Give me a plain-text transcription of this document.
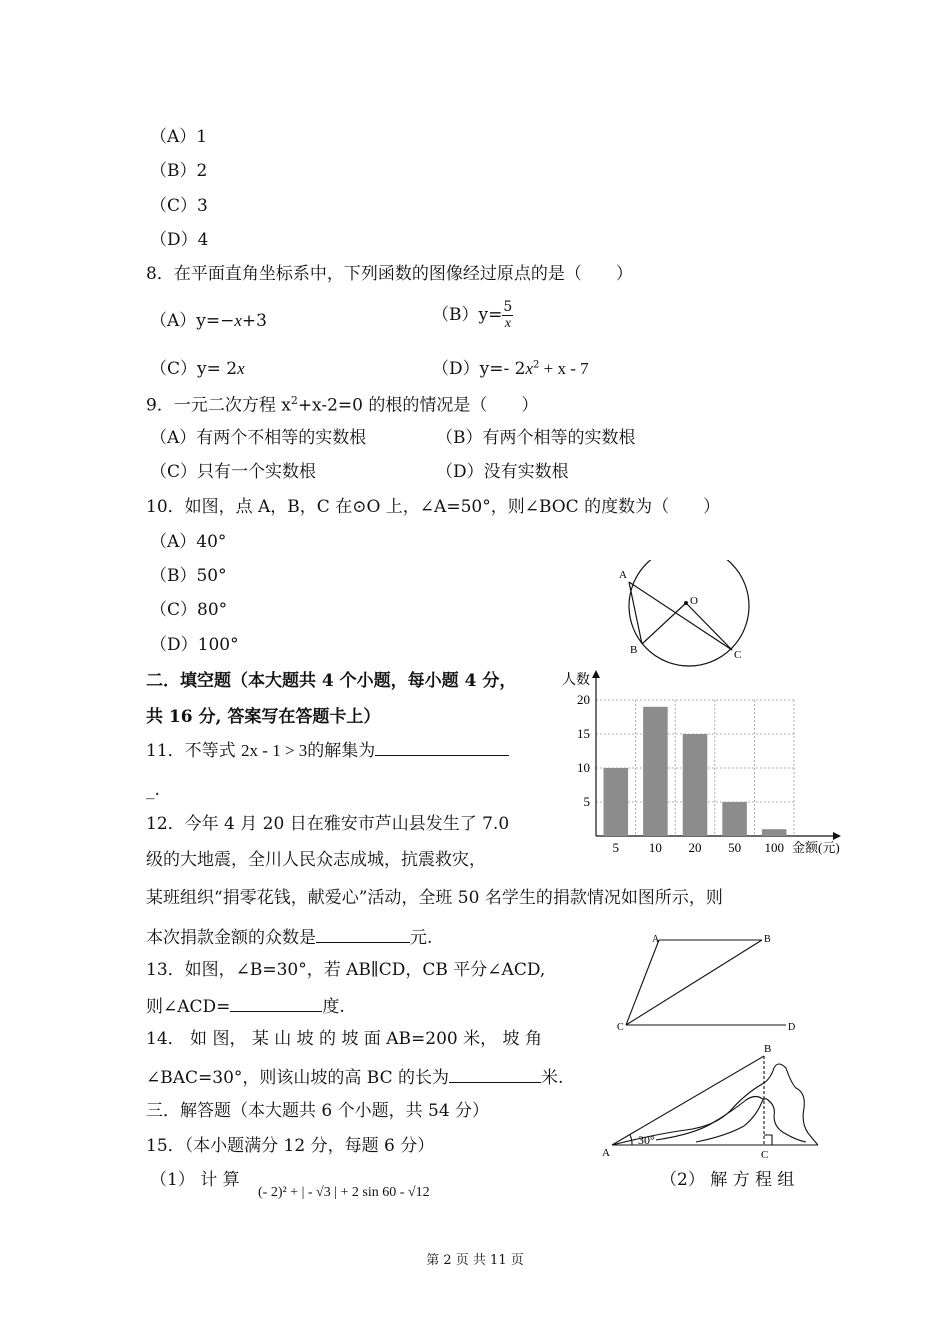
（A）1
（B）2
（C）3
（D）4
8．在平面直角坐标系中，下列函数的图像经过原点的是（　　）
（A）y=−x+3	$(B)y= \frac{5}{x}$
（C）y= 2x	（D）y=- $2x^2 + x - 7$
9．一元二次方程 $x^2+x-2=0$ 的根的情况是（　　）
（A）有两个不相等的实数根	（B）有两个相等的实数根
（C）只有一个实数根	（D）没有实数根
10．如图，点 A，B，C 在⊙O 上，∠A=50°，则∠BOC 的度数为（　　）
（A）40°
（B）50°
（C）80°
（D）100°
A
O
B	C
二．填空题（本大题共 4 个小题，每小题 4 分，
共 16 分, 答案写在答题卡上）
11．不等式 2x - 1 > 3的解集为
_.
12．今年 4 月 20 日在雅安市芦山县发生了 7.0
级的大地震，全川人民众志成城，抗震救灾，
某班组织“捐零花钱，献爱心”活动，全班 50 名学生的捐款情况如图所示，则
本次捐款金额的众数是	元.
5
10
15
20
5 10 20 50 100
人数
金额(元)
13．如图，∠B=30°，若 AB∥CD，CB 平分∠ACD,
则∠ACD=	度.
A	B
C	D
14． 如 图， 某 山 坡 的 坡 面 AB=200 米， 坡 角
∠BAC=30°，则该山坡的高 BC 的长为	米.
30°
B
A	C
三．解答题（本大题共 6 个小题，共 54 分）
15．（本小题满分 12 分，每题 6 分）
（1） 计 算
(- 2)² + | - √3 | + 2 sin 60 - √12
（2） 解 方 程 组
第 2 页 共 11 页
